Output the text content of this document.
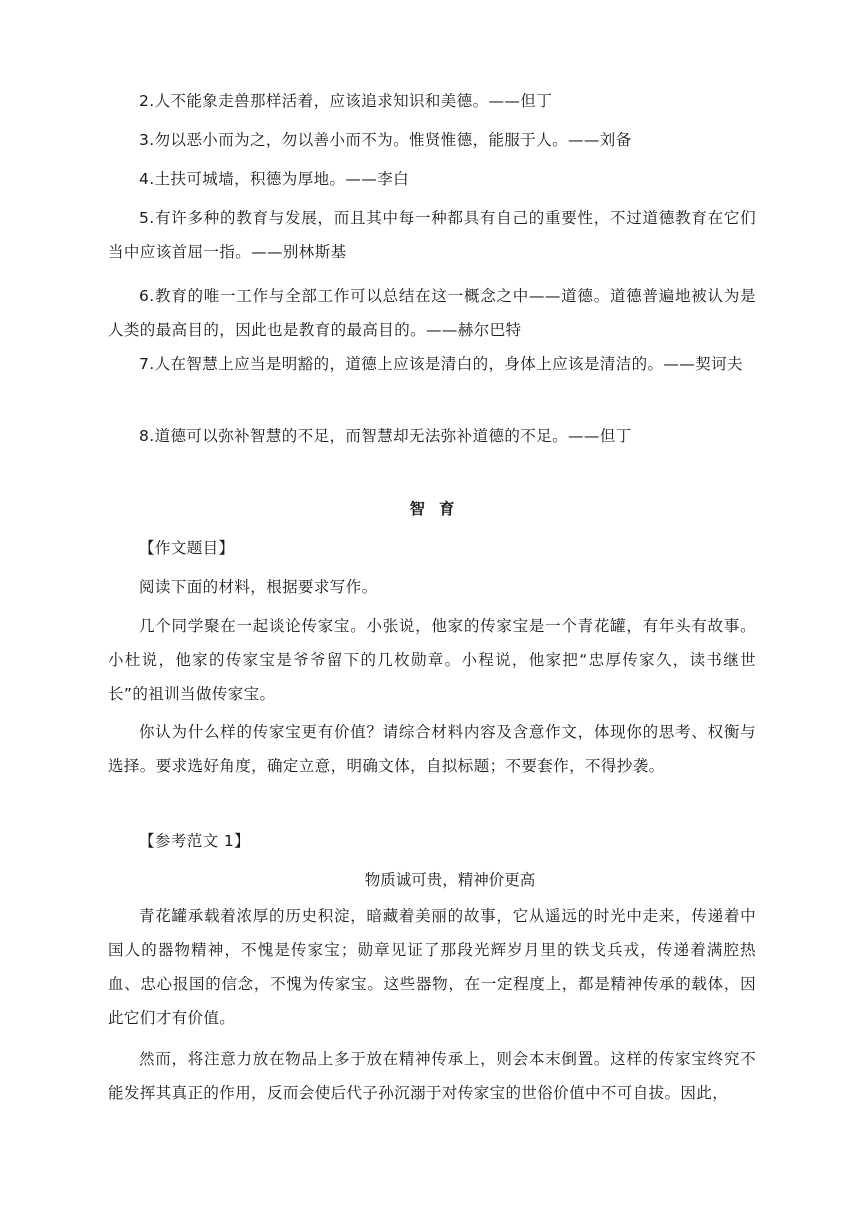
2.人不能象走兽那样活着，应该追求知识和美德。——但丁

3.勿以恶小而为之，勿以善小而不为。惟贤惟德，能服于人。——刘备

4.土扶可城墙，积德为厚地。——李白

5.有许多种的教育与发展，而且其中每一种都具有自己的重要性，不过道德教育在它们当中应该首屈一指。——别林斯基

6.教育的唯一工作与全部工作可以总结在这一概念之中——道德。道德普遍地被认为是人类的最高目的，因此也是教育的最高目的。——赫尔巴特

7.人在智慧上应当是明豁的，道德上应该是清白的，身体上应该是清洁的。——契诃夫

8.道德可以弥补智慧的不足，而智慧却无法弥补道德的不足。——但丁

智育

【作文题目】

阅读下面的材料，根据要求写作。

几个同学聚在一起谈论传家宝。小张说，他家的传家宝是一个青花罐，有年头有故事。小杜说，他家的传家宝是爷爷留下的几枚勋章。小程说，他家把“忠厚传家久，读书继世长”的祖训当做传家宝。

你认为什么样的传家宝更有价值？请综合材料内容及含意作文，体现你的思考、权衡与选择。要求选好角度，确定立意，明确文体，自拟标题；不要套作，不得抄袭。

【参考范文 1】

物质诚可贵，精神价更高

青花罐承载着浓厚的历史积淀，暗藏着美丽的故事，它从遥远的时光中走来，传递着中国人的器物精神，不愧是传家宝；勋章见证了那段光辉岁月里的铁戈兵戎，传递着满腔热血、忠心报国的信念，不愧为传家宝。这些器物，在一定程度上，都是精神传承的载体，因此它们才有价值。

然而，将注意力放在物品上多于放在精神传承上，则会本末倒置。这样的传家宝终究不能发挥其真正的作用，反而会使后代子孙沉溺于对传家宝的世俗价值中不可自拔。因此，
